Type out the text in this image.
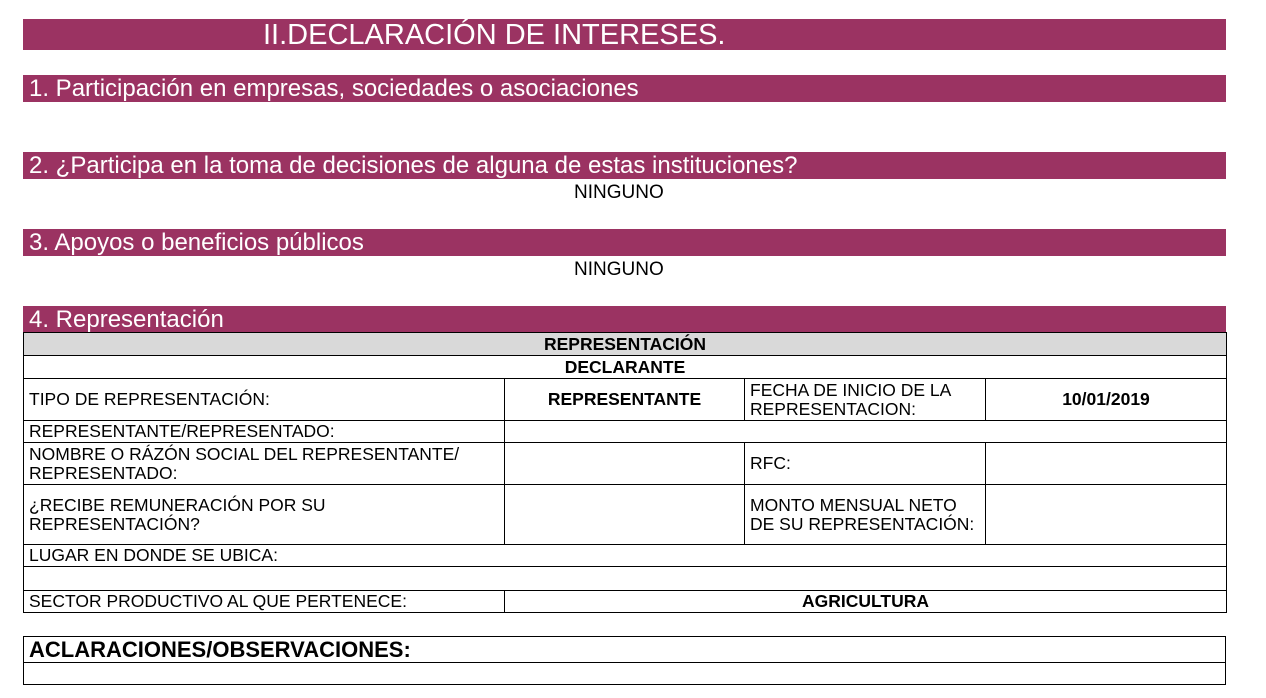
II.DECLARACIÓN DE INTERESES.
1. Participación en empresas, sociedades o asociaciones
2. ¿Participa en la toma de decisiones de alguna de estas instituciones?
NINGUNO
3. Apoyos o beneficios públicos
NINGUNO
4. Representación
REPRESENTACIÓN			
DECLARANTE			
TIPO DE REPRESENTACIÓN:	REPRESENTANTE	FECHA DE INICIO DE LA REPRESENTACION:	10/01/2019
REPRESENTANTE/REPRESENTADO:			
NOMBRE O RÁZÓN SOCIAL DEL REPRESENTANTE/ REPRESENTADO:		RFC:	
¿RECIBE REMUNERACIÓN POR SU REPRESENTACIÓN?		MONTO MENSUAL NETO DE SU REPRESENTACIÓN:	
LUGAR EN DONDE SE UBICA:			

SECTOR PRODUCTIVO AL QUE PERTENECE:	AGRICULTURA		
ACLARACIONES/OBSERVACIONES:
